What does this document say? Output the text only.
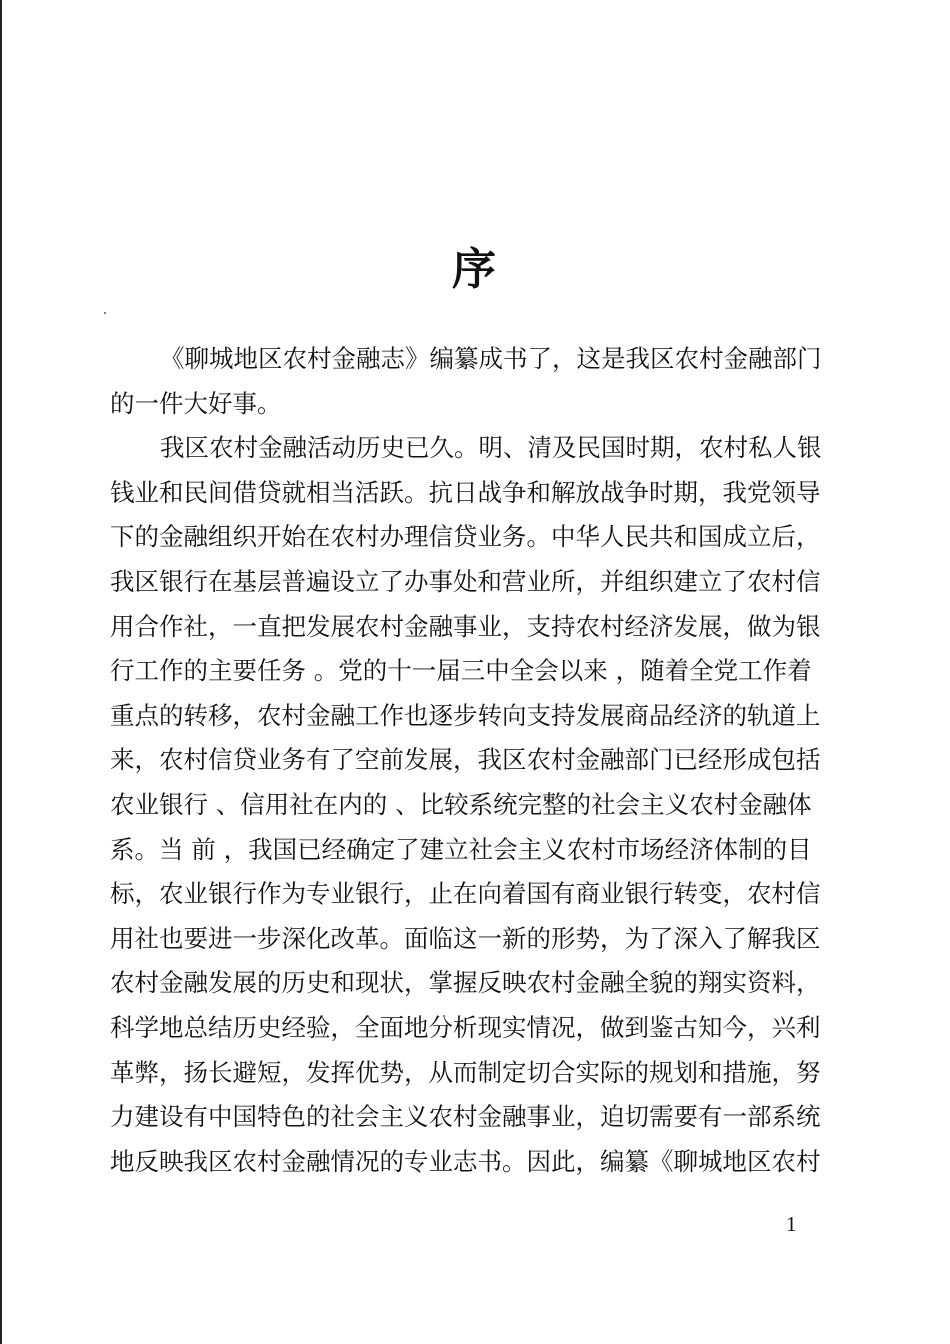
序
《聊城地区农村金融志》编纂成书了，这是我区农村金融部门
的一件大好事。
我区农村金融活动历史已久。明、清及民国时期，农村私人银
钱业和民间借贷就相当活跃。抗日战争和解放战争时期，我党领导
下的金融组织开始在农村办理信贷业务。中华人民共和国成立后，
我区银行在基层普遍设立了办事处和营业所，并组织建立了农村信
用合作社，一直把发展农村金融事业，支持农村经济发展，做为银
行工作的主要任务 。党的十一届三中全会以来 ，随着全党工作着
重点的转移，农村金融工作也逐步转向支持发展商品经济的轨道上
来，农村信贷业务有了空前发展，我区农村金融部门已经形成包括
农业银行 、信用社在内的 、比较系统完整的社会主义农村金融体
系。当 前 ，我国已经确定了建立社会主义农村市场经济体制的目
标，农业银行作为专业银行，止在向着国有商业银行转变，农村信
用社也要进一步深化改革。面临这一新的形势，为了深入了解我区
农村金融发展的历史和现状，掌握反映农村金融全貌的翔实资料，
科学地总结历史经验，全面地分析现实情况，做到鉴古知今，兴利
革弊，扬长避短，发挥优势，从而制定切合实际的规划和措施，努
力建设有中国特色的社会主义农村金融事业，迫切需要有一部系统
地反映我区农村金融情况的专业志书。因此，编纂《聊城地区农村
1
